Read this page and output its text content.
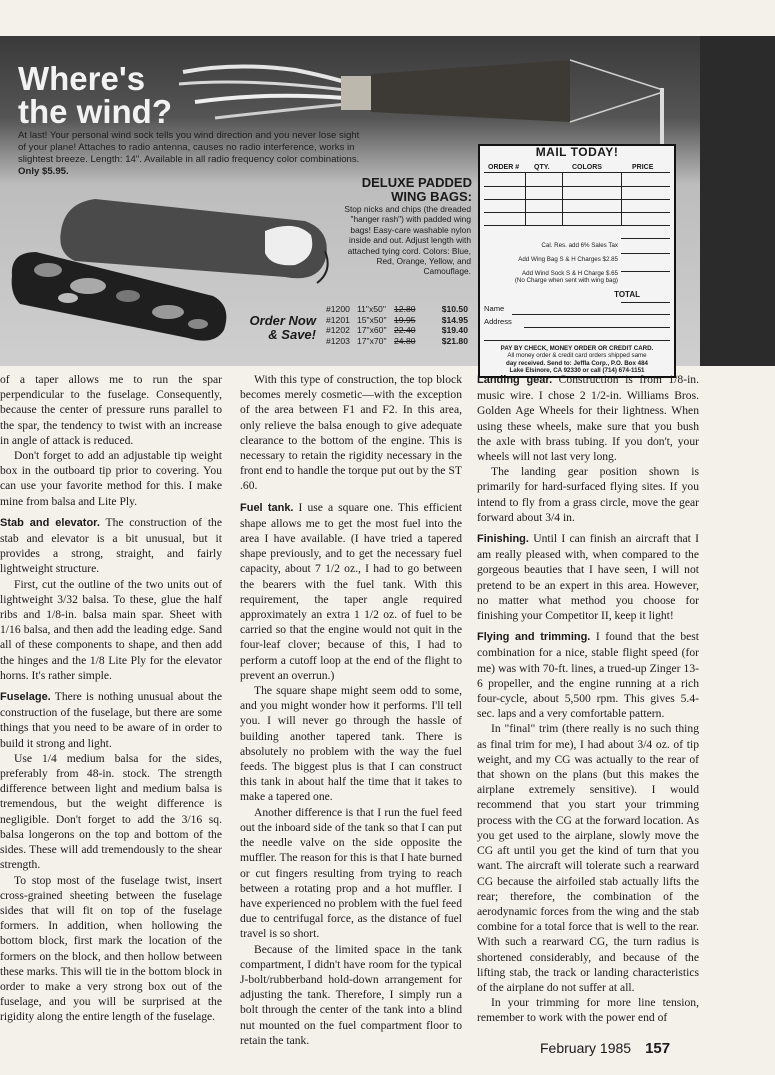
Where's
the wind?
At last! Your personal wind sock tells you wind direction and you never lose sight of your plane! Attaches to radio antenna, causes no radio interference, works in slightest breeze. Length: 14". Available in all radio frequency color combinations. Only $5.95.
DELUXE PADDED
WING BAGS:
Stop nicks and chips (the dreaded "hanger rash") with padded wing bags! Easy-care washable nylon inside and out. Adjust length with attached tying cord. Colors: Blue, Red, Orange, Yellow, and Camouflage.
Order Now
& Save!
#1200 11"x50" 12.80	$10.50
#1201 15"x50" 19.95	$14.95
#1202 17"x60" 22.40	$19.40
#1203 17"x70" 24.80	$21.80
MAIL TODAY!
ORDER # QTY.	COLORS	PRICE
Cal. Res. add 6% Sales Tax
Add Wing Bag S & H Charges $2.85
Add Wind Sock S & H Charge $.65
(No Charge when sent with wing bag)
TOTAL
Name
Address
PAY BY CHECK, MONEY ORDER OR CREDIT CARD.
All money order & credit card orders shipped same
day received. Send to: Jeffla Corp., P.O. Box 484
Lake Elsinore, CA 92330 or call (714) 674-1151

of a taper allows me to run the spar perpendicular to the fuselage. Consequently, because the center of pressure runs parallel to the spar, the tendency to twist with an increase in angle of attack is reduced.

Don't forget to add an adjustable tip weight box in the outboard tip prior to covering. You can use your favorite method for this. I make mine from balsa and Lite Ply.

Stab and elevator. The construction of the stab and elevator is a bit unusual, but it provides a strong, straight, and fairly lightweight structure.

First, cut the outline of the two units out of lightweight 3/32 balsa. To these, glue the half ribs and 1/8-in. balsa main spar. Sheet with 1/16 balsa, and then add the leading edge. Sand all of these components to shape, and then add the hinges and the 1/8 Lite Ply for the elevator horns. It's rather simple.

Fuselage. There is nothing unusual about the construction of the fuselage, but there are some things that you need to be aware of in order to build it strong and light.

Use 1/4 medium balsa for the sides, preferably from 48-in. stock. The strength difference between light and medium balsa is tremendous, but the weight difference is negligible. Don't forget to add the 3/16 sq. balsa longerons on the top and bottom of the sides. These will add tremendously to the shear strength.

To stop most of the fuselage twist, insert cross-grained sheeting between the fuselage sides that will fit on top of the fuselage formers. In addition, when hollowing the bottom block, first mark the location of the formers on the block, and then hollow between these marks. This will tie in the bottom block in order to make a very strong box out of the fuselage, and you will be surprised at the rigidity along the entire length of the fuselage.

With this type of construction, the top block becomes merely cosmetic—with the exception of the area between F1 and F2. In this area, only relieve the balsa enough to give adequate clearance to the bottom of the engine. This is necessary to retain the rigidity necessary in the front end to handle the torque put out by the ST .60.

Fuel tank. I use a square one. This efficient shape allows me to get the most fuel into the area I have available. (I have tried a tapered shape previously, and to get the necessary fuel capacity, about 7 1/2 oz., I had to go between the bearers with the fuel tank. With this requirement, the taper angle required approximately an extra 1 1/2 oz. of fuel to be carried so that the engine would not quit in the four-leaf clover; because of this, I had to perform a cutoff loop at the end of the flight to prevent an overrun.)

The square shape might seem odd to some, and you might wonder how it performs. I'll tell you. I will never go through the hassle of building another tapered tank. There is absolutely no problem with the way the fuel feeds. The biggest plus is that I can construct this tank in about half the time that it takes to make a tapered one.

Another difference is that I run the fuel feed out the inboard side of the tank so that I can put the needle valve on the side opposite the muffler. The reason for this is that I hate burned or cut fingers resulting from trying to reach between a rotating prop and a hot muffler. I have experienced no problem with the fuel feed due to centrifugal force, as the distance of fuel travel is so short.

Because of the limited space in the tank compartment, I didn't have room for the typical J-bolt/rubberband hold-down arrangement for adjusting the tank. Therefore, I simply run a bolt through the center of the tank into a blind nut mounted on the fuel compartment floor to retain the tank.

Landing gear. Construction is from 1/8-in. music wire. I chose 2 1/2-in. Williams Bros. Golden Age Wheels for their lightness. When using these wheels, make sure that you bush the axle with brass tubing. If you don't, your wheels will not last very long.

The landing gear position shown is primarily for hard-surfaced flying sites. If you intend to fly from a grass circle, move the gear forward about 3/4 in.

Finishing. Until I can finish an aircraft that I am really pleased with, when compared to the gorgeous beauties that I have seen, I will not pretend to be an expert in this area. However, no matter what method you choose for finishing your Competitor II, keep it light!

Flying and trimming. I found that the best combination for a nice, stable flight speed (for me) was with 70-ft. lines, a trued-up Zinger 13-6 propeller, and the engine running at a rich four-cycle, about 5,500 rpm. This gives 5.4-sec. laps and a very comfortable pattern.

In "final" trim (there really is no such thing as final trim for me), I had about 3/4 oz. of tip weight, and my CG was actually to the rear of that shown on the plans (but this makes the airplane extremely sensitive). I would recommend that you start your trimming process with the CG at the forward location. As you get used to the airplane, slowly move the CG aft until you get the kind of turn that you want. The aircraft will tolerate such a rearward CG because the airfoiled stab actually lifts the rear; therefore, the combination of the aerodynamic forces from the wing and the stab combine for a total force that is well to the rear. With such a rearward CG, the turn radius is shortened considerably, and because of the lifting stab, the track or landing characteristics of the airplane do not suffer at all.

In your trimming for more line tension, remember to work with the power end of

February 1985 157
